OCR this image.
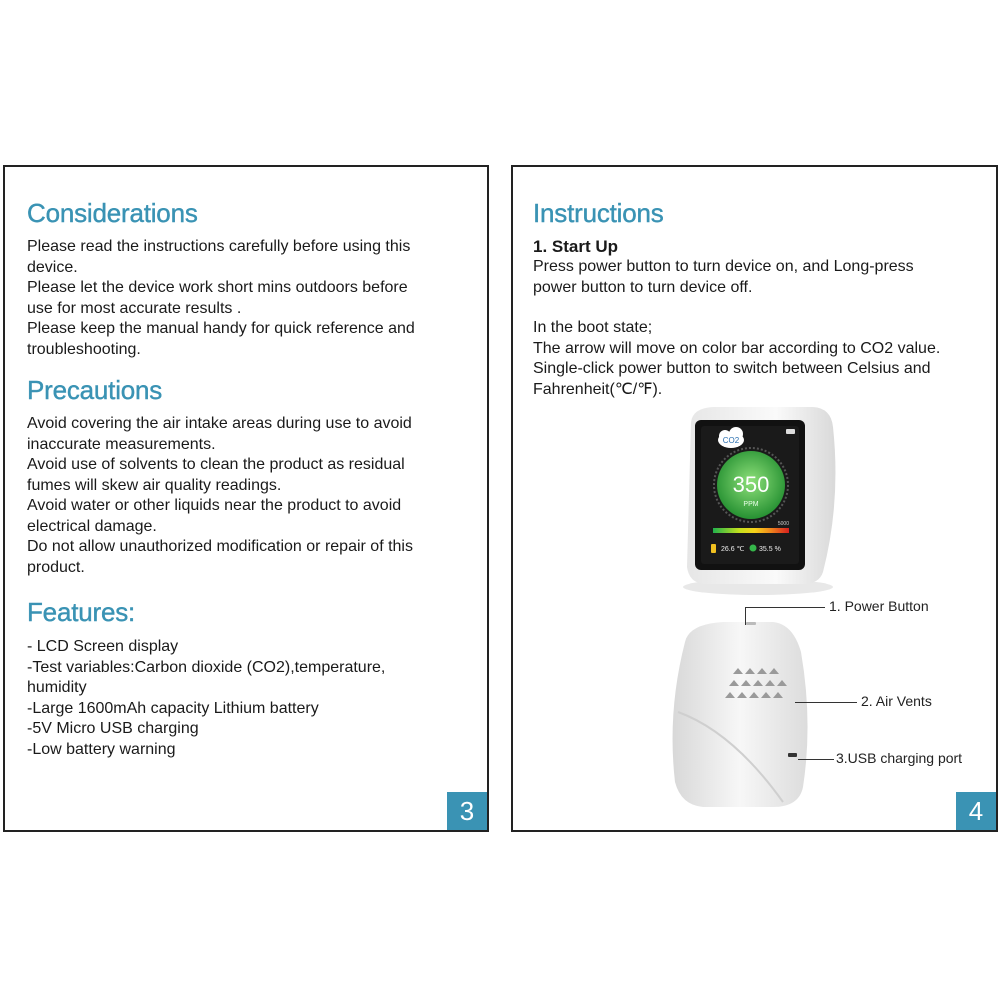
Considerations
Please read the instructions carefully before using this
device.
Please let the device work short mins outdoors before
use for most accurate results .
Please keep the manual handy for quick reference and
troubleshooting.
Precautions
Avoid covering the air intake areas during use to avoid
inaccurate measurements.
Avoid use of solvents to clean the product as residual
fumes will skew air quality readings.
Avoid water or other liquids near the product to avoid
electrical damage.
Do not allow unauthorized modification or repair of this
product.
Features:
- LCD Screen display
-Test variables:Carbon dioxide (CO2),temperature,
humidity
-Large 1600mAh capacity Lithium battery
-5V Micro USB charging
-Low battery warning
3
Instructions
1. Start Up
Press power button to turn device on, and Long-press
power button to turn device off.
In the boot state;
The arrow will move on color bar according to CO2 value.
Single-click power button to switch between Celsius and
Fahrenheit(℃/℉).
CO2
350
PPM
5000
26.6 ℃ 35.5 %
1. Power Button
2. Air Vents
3.USB charging port
4
